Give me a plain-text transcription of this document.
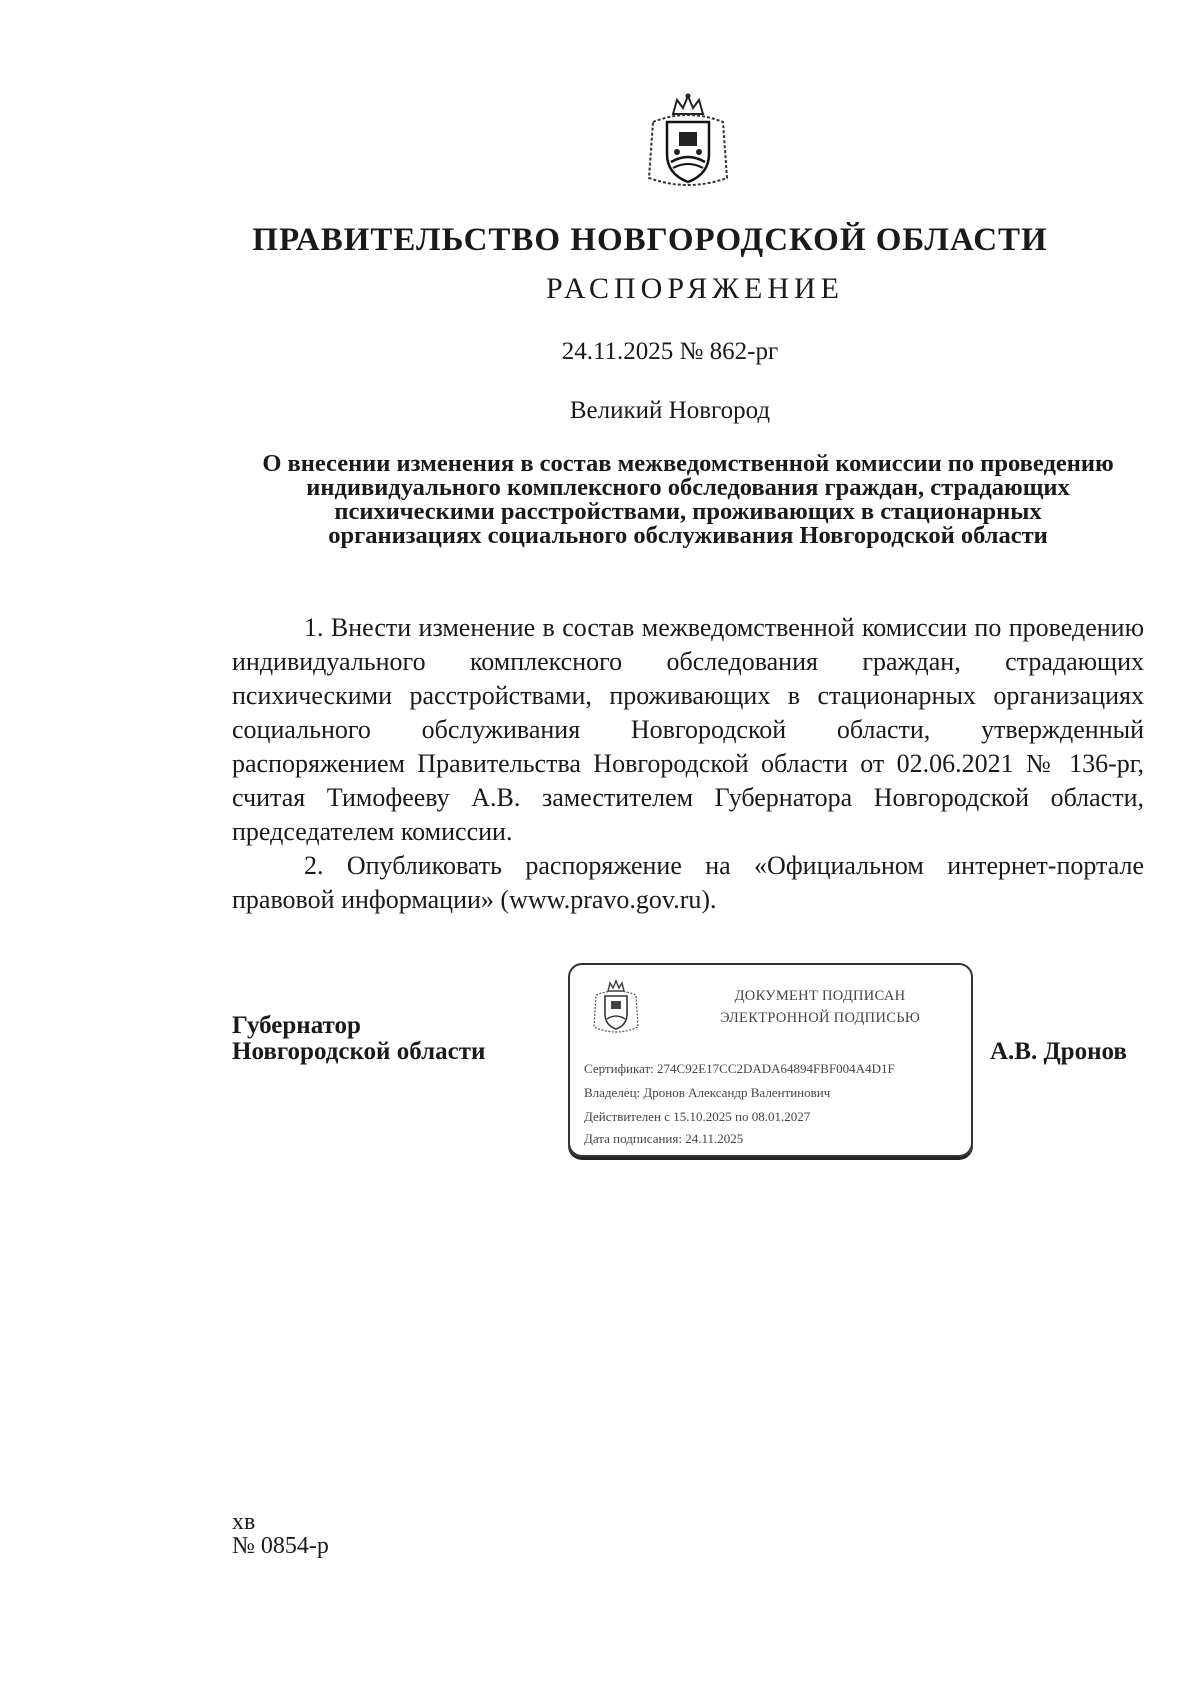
ПРАВИТЕЛЬСТВО НОВГОРОДСКОЙ ОБЛАСТИ
РАСПОРЯЖЕНИЕ
24.11.2025 № 862-рг
Великий Новгород
О внесении изменения в состав межведомственной комиссии по проведению
индивидуального комплексного обследования граждан, страдающих
психическими расстройствами, проживающих в стационарных
организациях социального обслуживания Новгородской области

1. Внести изменение в состав межведомственной комиссии по проведению индивидуального комплексного обследования граждан, страдающих психическими расстройствами, проживающих в стационарных организациях социального обслуживания Новгородской области, утвержденный распоряжением Правительства Новгородской области от 02.06.2021 № 136-рг, считая Тимофееву А.В. заместителем Губернатора Новгородской области, председателем комиссии.

2. Опубликовать распоряжение на «Официальном интернет-портале правовой информации» (www.pravo.gov.ru).

Губернатор
Новгородской области
ДОКУМЕНТ ПОДПИСАН
ЭЛЕКТРОННОЙ ПОДПИСЬЮ
Сертификат: 274C92E17CC2DADA64894FBF004A4D1F
Владелец: Дронов Александр Валентинович
Действителен с 15.10.2025 по 08.01.2027
Дата подписания: 24.11.2025
А.В. Дронов
хв
№ 0854-р
